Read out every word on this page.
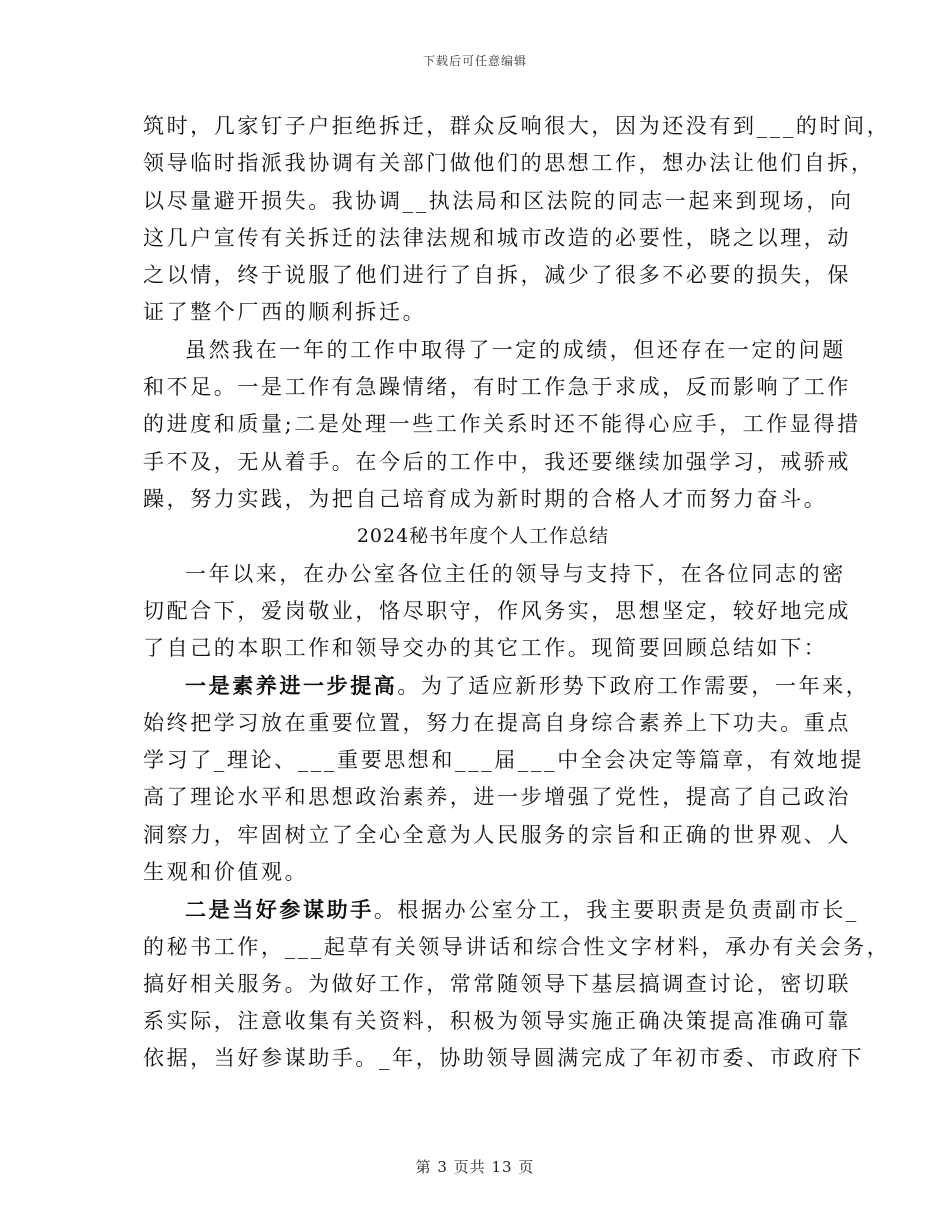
下载后可任意编辑
筑时，几家钉子户拒绝拆迁，群众反响很大，因为还没有到___的时间，
领导临时指派我协调有关部门做他们的思想工作，想办法让他们自拆，
以尽量避开损失。我协调__执法局和区法院的同志一起来到现场，向
这几户宣传有关拆迁的法律法规和城市改造的必要性，晓之以理，动
之以情，终于说服了他们进行了自拆，减少了很多不必要的损失，保
证了整个厂西的顺利拆迁。
虽然我在一年的工作中取得了一定的成绩，但还存在一定的问题
和不足。一是工作有急躁情绪，有时工作急于求成，反而影响了工作
的进度和质量;二是处理一些工作关系时还不能得心应手，工作显得措
手不及，无从着手。在今后的工作中，我还要继续加强学习，戒骄戒
躁，努力实践，为把自己培育成为新时期的合格人才而努力奋斗。
2024秘书年度个人工作总结
一年以来，在办公室各位主任的领导与支持下，在各位同志的密
切配合下，爱岗敬业，恪尽职守，作风务实，思想坚定，较好地完成
了自己的本职工作和领导交办的其它工作。现简要回顾总结如下：
一是素养进一步提高。为了适应新形势下政府工作需要，一年来，
始终把学习放在重要位置，努力在提高自身综合素养上下功夫。重点
学习了_理论、___重要思想和___届___中全会决定等篇章，有效地提
高了理论水平和思想政治素养，进一步增强了党性，提高了自己政治
洞察力，牢固树立了全心全意为人民服务的宗旨和正确的世界观、人
生观和价值观。
二是当好参谋助手。根据办公室分工，我主要职责是负责副市长_
的秘书工作，___起草有关领导讲话和综合性文字材料，承办有关会务，
搞好相关服务。为做好工作，常常随领导下基层搞调查讨论，密切联
系实际，注意收集有关资料，积极为领导实施正确决策提高准确可靠
依据，当好参谋助手。_年，协助领导圆满完成了年初市委、市政府下
第 3 页共 13 页
